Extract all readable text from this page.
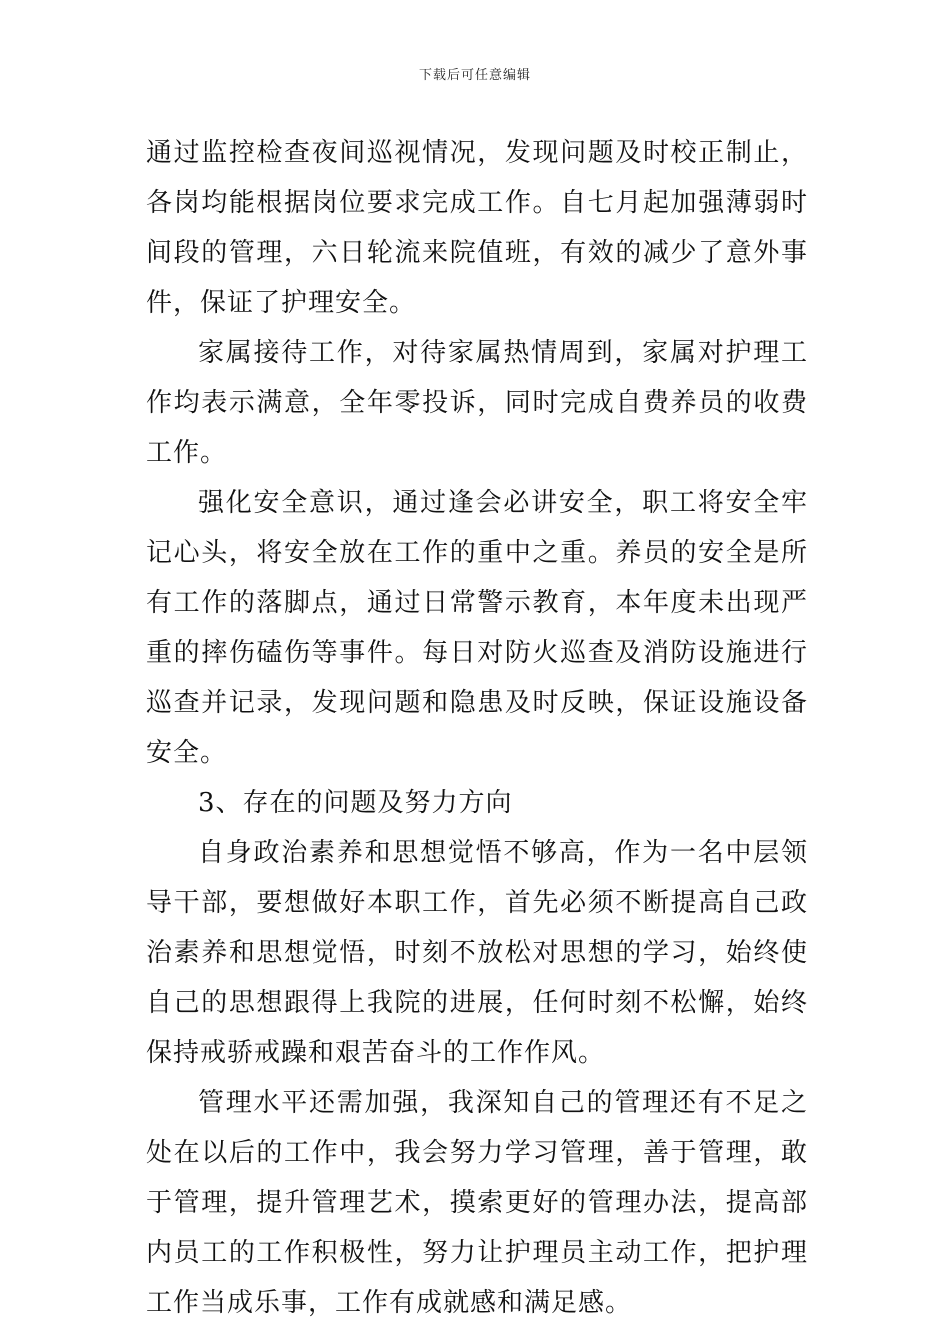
下载后可任意编辑

通过监控检查夜间巡视情况，发现问题及时校正制止，各岗均能根据岗位要求完成工作。自七月起加强薄弱时间段的管理，六日轮流来院值班，有效的减少了意外事件，保证了护理安全。

家属接待工作，对待家属热情周到，家属对护理工作均表示满意，全年零投诉，同时完成自费养员的收费工作。

强化安全意识，通过逢会必讲安全，职工将安全牢记心头，将安全放在工作的重中之重。养员的安全是所有工作的落脚点，通过日常警示教育，本年度未出现严重的摔伤磕伤等事件。每日对防火巡查及消防设施进行巡查并记录，发现问题和隐患及时反映，保证设施设备安全。

3、存在的问题及努力方向

自身政治素养和思想觉悟不够高，作为一名中层领导干部，要想做好本职工作，首先必须不断提高自己政治素养和思想觉悟，时刻不放松对思想的学习，始终使自己的思想跟得上我院的进展，任何时刻不松懈，始终保持戒骄戒躁和艰苦奋斗的工作作风。

管理水平还需加强，我深知自己的管理还有不足之处在以后的工作中，我会努力学习管理，善于管理，敢于管理，提升管理艺术，摸索更好的管理办法，提高部内员工的工作积极性，努力让护理员主动工作，把护理工作当成乐事，工作有成就感和满足感。
